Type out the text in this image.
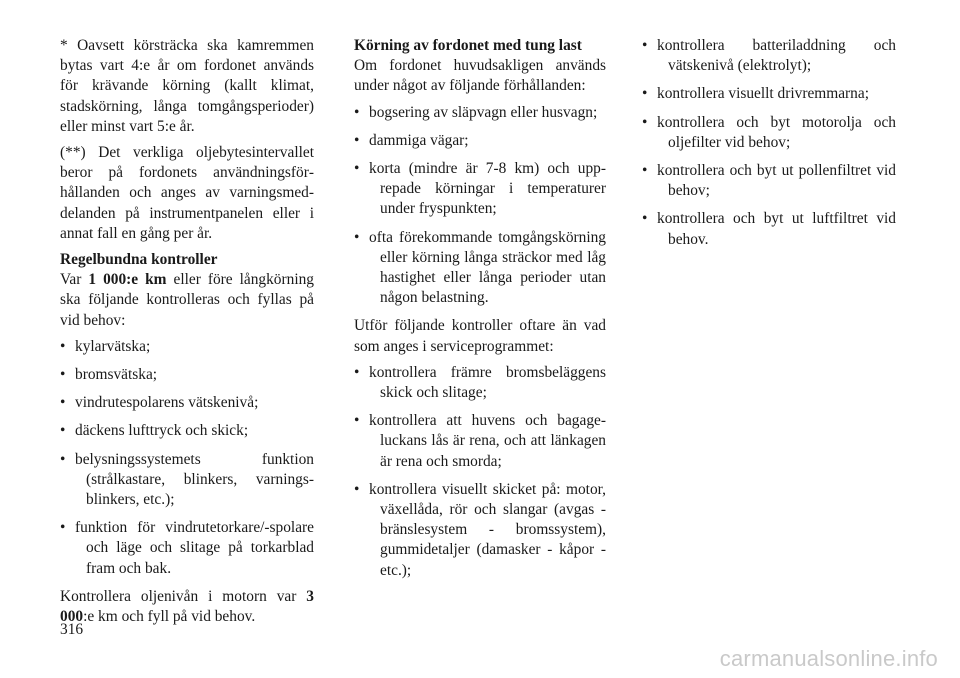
* Oavsett körsträcka ska kamremmen bytas vart 4:e år om fordonet används för krävande körning (kallt klimat, stadskörning, långa tomgångsperioder) eller minst vart 5:e år.

(**) Det verkliga oljebytesintervallet beror på fordonets användningsförhållanden och anges av varningsmeddelanden på instrumentpanelen eller i annat fall en gång per år.

Regelbundna kontroller

Var 1 000:e km eller före långkörning ska följande kontrolleras och fyllas på vid behov:

• kylarvätska;
• bromsvätska;
• vindrutespolarens vätskenivå;
• däckens lufttryck och skick;
• belysningssystemets funktion (strålkastare, blinkers, varningsblinkers, etc.);
• funktion för vindrutetorkare/-spolare och läge och slitage på torkarblad fram och bak.

Kontrollera oljenivån i motorn var 3 000:e km och fyll på vid behov.

Körning av fordonet med tung last

Om fordonet huvudsakligen används under något av följande förhållanden:

• bogsering av släpvagn eller husvagn;
• dammiga vägar;
• korta (mindre är 7-8 km) och upprepade körningar i temperaturer under fryspunkten;
• ofta förekommande tomgångskörning eller körning långa sträckor med låg hastighet eller långa perioder utan någon belastning.

Utför följande kontroller oftare än vad som anges i serviceprogrammet:

• kontrollera främre bromsbeläggens skick och slitage;
• kontrollera att huvens och bagageluckans lås är rena, och att länkagen är rena och smorda;
• kontrollera visuellt skicket på: motor, växellåda, rör och slangar (avgas - bränslesystem - bromssystem), gummidetaljer (damasker - kåpor - etc.);
• kontrollera batteriladdning och vätskenivå (elektrolyt);
• kontrollera visuellt drivremmarna;
• kontrollera och byt motorolja och oljefilter vid behov;
• kontrollera och byt ut pollenfiltret vid behov;
• kontrollera och byt ut luftfiltret vid behov.
316
carmanualsonline.info
